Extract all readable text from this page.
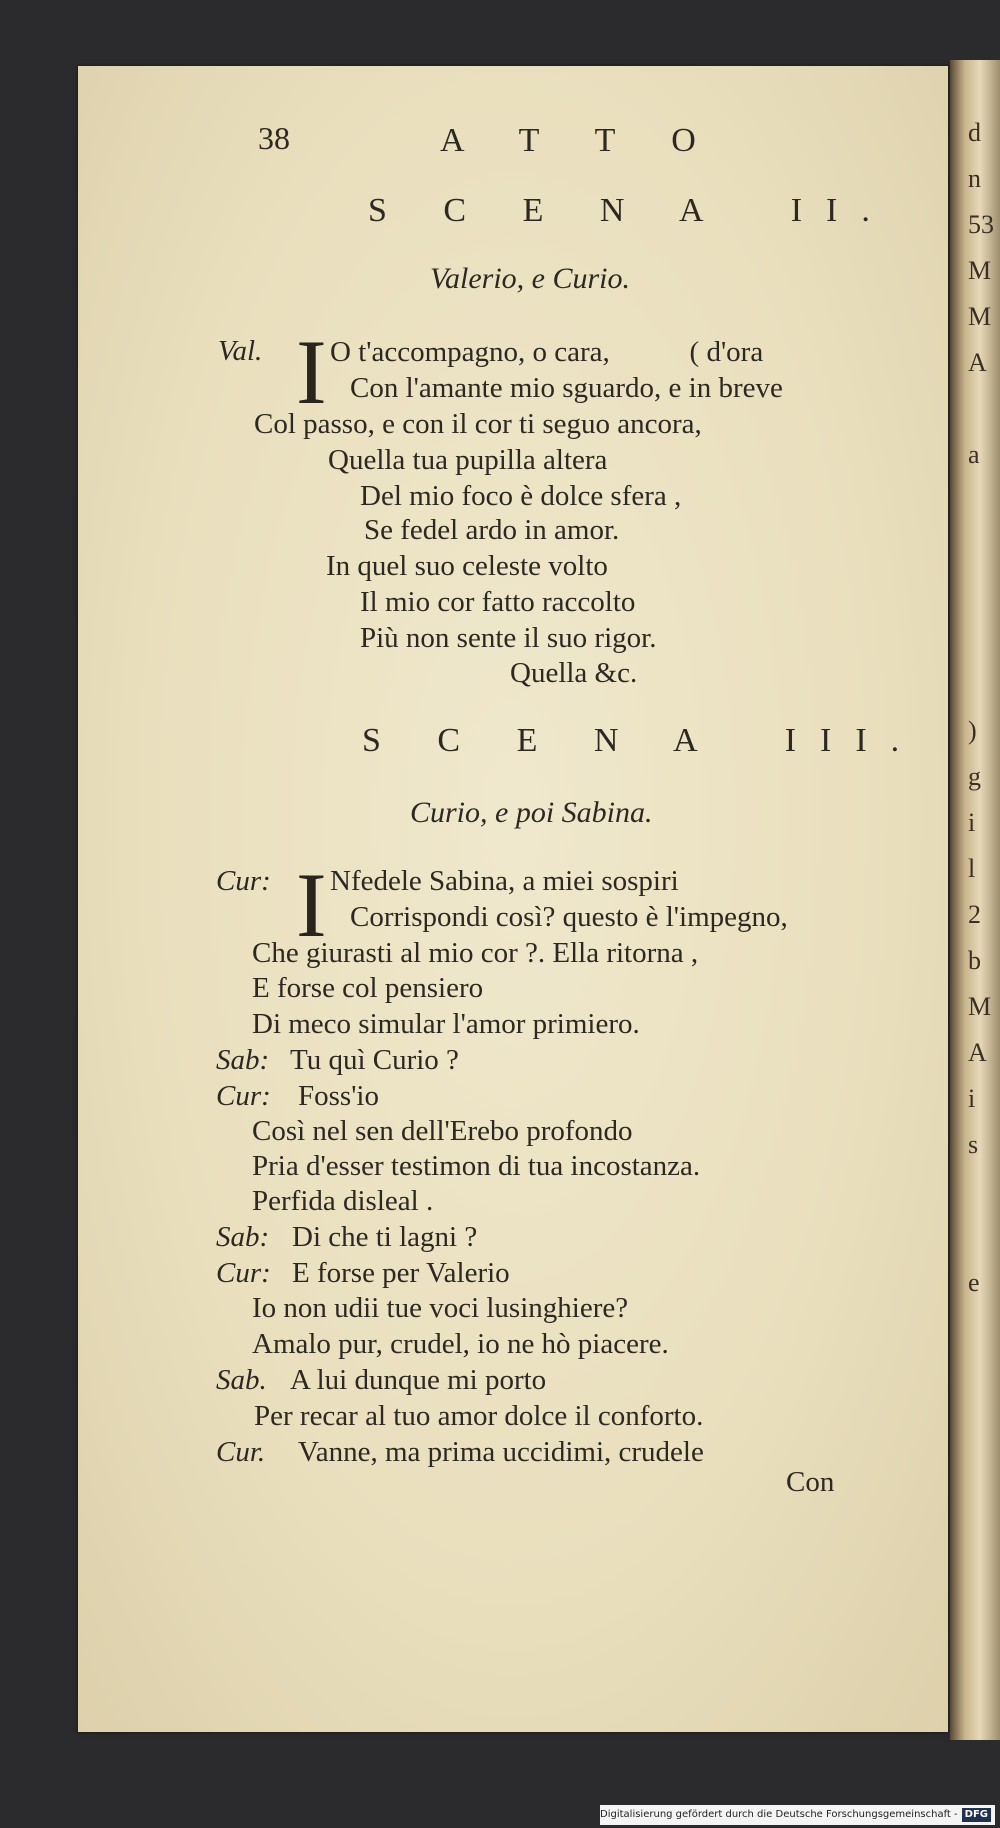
d
n
53
M
M
A

a

)
g
i
l
2
b
M
A
i
s

e
38	A T T O
S C E N A  II.
Valerio, e Curio.
Val. I O t'accompagno, o cara,           ( d'ora
Con l'amante mio sguardo, e in breve
Col passo, e con il cor ti seguo ancora,
Quella tua pupilla altera
Del mio foco è dolce sfera ,
Se fedel ardo in amor.
In quel suo celeste volto
Il mio cor fatto raccolto
Più non sente il suo rigor.
Quella &c.
S C E N A  III.
Curio, e poi Sabina.
I
Cur: Nfedele Sabina, a miei sospiri
Corrispondi così? questo è l'impegno,
Che giurasti al mio cor ?. Ella ritorna ,
E forse col pensiero
Di meco simular l'amor primiero.
Sab: Tu quì Curio ?
Cur: Foss'io
Così nel sen dell'Erebo profondo
Pria d'esser testimon di tua incostanza.
Perfida disleal .
Sab: Di che ti lagni ?
Cur: E forse per Valerio
Io non udii tue voci lusinghiere?
Amalo pur, crudel, io ne hò piacere.
Sab. A lui dunque mi porto
Per recar al tuo amor dolce il conforto.
Cur. Vanne, ma prima uccidimi, crudele
Con
Digitalisierung gefördert durch die Deutsche Forschungsgemeinschaft - DFG
